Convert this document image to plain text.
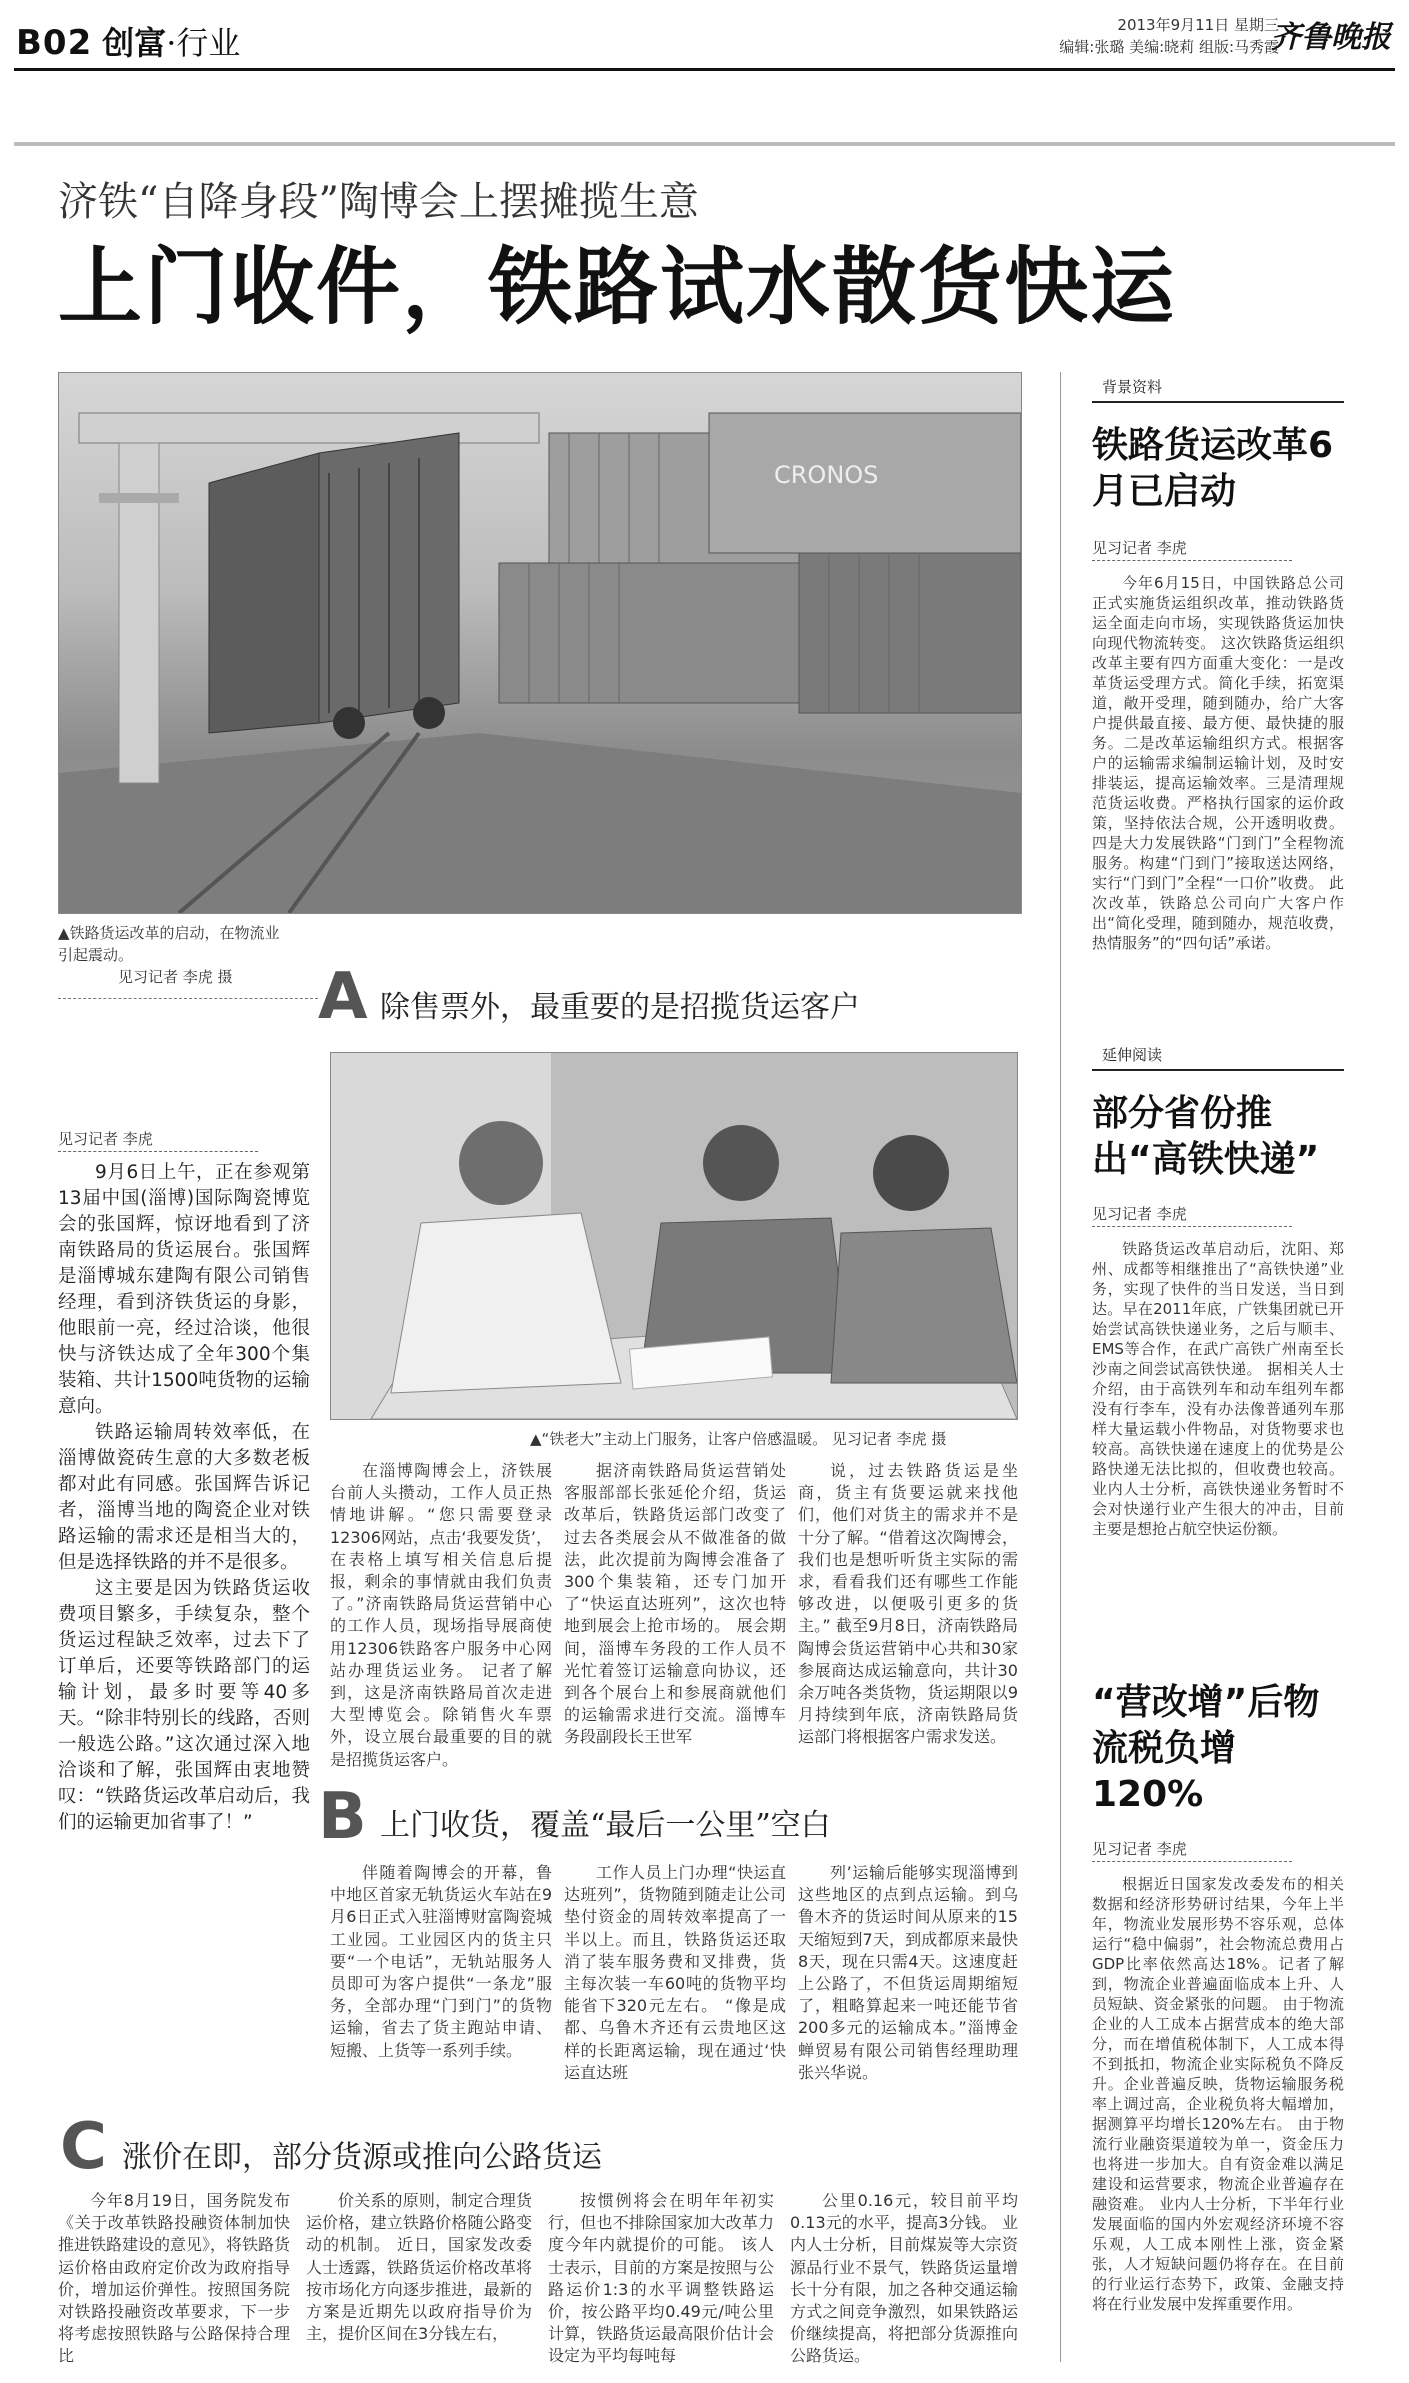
B02 创富·行业	2013年9月11日 星期三
编辑:张璐 美编:晓莉 组版:马秀霞
齐鲁晚报
济铁“自降身段”陶博会上摆摊揽生意
上门收件，铁路试水散货快运
CRONOS
▲铁路货运改革的启动，在物流业引起震动。
见习记者 李虎 摄	A 除售票外，最重要的是招揽货运客户
▲“铁老大”主动上门服务，让客户倍感温暖。 见习记者 李虎 摄
见习记者 李虎

9月6日上午，正在参观第13届中国(淄博)国际陶瓷博览会的张国辉，惊讶地看到了济南铁路局的货运展台。张国辉是淄博城东建陶有限公司销售经理，看到济铁货运的身影，他眼前一亮，经过洽谈，他很快与济铁达成了全年300个集装箱、共计1500吨货物的运输意向。

铁路运输周转效率低，在淄博做瓷砖生意的大多数老板都对此有同感。张国辉告诉记者，淄博当地的陶瓷企业对铁路运输的需求还是相当大的，但是选择铁路的并不是很多。

这主要是因为铁路货运收费项目繁多，手续复杂，整个货运过程缺乏效率，过去下了订单后，还要等铁路部门的运输计划，最多时要等40多天。“除非特别长的线路，否则一般选公路。”这次通过深入地洽谈和了解，张国辉由衷地赞叹：“铁路货运改革启动后，我们的运输更加省事了！”

在淄博陶博会上，济铁展台前人头攒动，工作人员正热情地讲解。“您只需要登录12306网站，点击‘我要发货’，在表格上填写相关信息后提报，剩余的事情就由我们负责了。”济南铁路局货运营销中心的工作人员，现场指导展商使用12306铁路客户服务中心网站办理货运业务。 记者了解到，这是济南铁路局首次走进大型博览会。除销售火车票外，设立展台最重要的目的就是招揽货运客户。

据济南铁路局货运营销处客服部部长张延伦介绍，货运改革后，铁路货运部门改变了过去各类展会从不做准备的做法，此次提前为陶博会准备了300个集装箱，还专门加开了“快运直达班列”，这次也特地到展会上抢市场的。 展会期间，淄博车务段的工作人员不光忙着签订运输意向协议，还到各个展台上和参展商就他们的运输需求进行交流。淄博车务段副段长王世军

说，过去铁路货运是坐商，货主有货要运就来找他们，他们对货主的需求并不是十分了解。“借着这次陶博会，我们也是想听听货主实际的需求，看看我们还有哪些工作能够改进，以便吸引更多的货主。” 截至9月8日，济南铁路局陶博会货运营销中心共和30家参展商达成运输意向，共计30余万吨各类货物，货运期限以9月持续到年底，济南铁路局货运部门将根据客户需求发送。

B 上门收货，覆盖“最后一公里”空白

伴随着陶博会的开幕，鲁中地区首家无轨货运火车站在9月6日正式入驻淄博财富陶瓷城工业园。工业园区内的货主只要“一个电话”，无轨站服务人员即可为客户提供“一条龙”服务，全部办理“门到门”的货物运输，省去了货主跑站申请、短搬、上货等一系列手续。

工作人员上门办理“快运直达班列”，货物随到随走让公司垫付资金的周转效率提高了一半以上。而且，铁路货运还取消了装车服务费和叉排费，货主每次装一车60吨的货物平均能省下320元左右。 “像是成都、乌鲁木齐还有云贵地区这样的长距离运输，现在通过‘快运直达班

列’运输后能够实现淄博到这些地区的点到点运输。到乌鲁木齐的货运时间从原来的15天缩短到7天，到成都原来最快8天，现在只需4天。这速度赶上公路了，不但货运周期缩短了，粗略算起来一吨还能节省200多元的运输成本。”淄博金蝉贸易有限公司销售经理助理张兴华说。

C 涨价在即，部分货源或推向公路货运

今年8月19日，国务院发布《关于改革铁路投融资体制加快推进铁路建设的意见》，将铁路货运价格由政府定价改为政府指导价，增加运价弹性。按照国务院对铁路投融资改革要求，下一步将考虑按照铁路与公路保持合理比

价关系的原则，制定合理货运价格，建立铁路价格随公路变动的机制。 近日，国家发改委人士透露，铁路货运价格改革将按市场化方向逐步推进，最新的方案是近期先以政府指导价为主，提价区间在3分钱左右，

按惯例将会在明年年初实行，但也不排除国家加大改革力度今年内就提价的可能。 该人士表示，目前的方案是按照与公路运价1:3的水平调整铁路运价，按公路平均0.49元/吨公里计算，铁路货运最高限价估计会设定为平均每吨每

公里0.16元，较目前平均0.13元的水平，提高3分钱。 业内人士分析，目前煤炭等大宗资源品行业不景气，铁路货运量增长十分有限，加之各种交通运输方式之间竞争激烈，如果铁路运价继续提高，将把部分货源推向公路货运。

背景资料
铁路货运改革6月已启动
见习记者 李虎

今年6月15日，中国铁路总公司正式实施货运组织改革，推动铁路货运全面走向市场，实现铁路货运加快向现代物流转变。 这次铁路货运组织改革主要有四方面重大变化：一是改革货运受理方式。简化手续，拓宽渠道，敞开受理，随到随办，给广大客户提供最直接、最方便、最快捷的服务。二是改革运输组织方式。根据客户的运输需求编制运输计划，及时安排装运，提高运输效率。三是清理规范货运收费。严格执行国家的运价政策，坚持依法合规，公开透明收费。四是大力发展铁路“门到门”全程物流服务。构建“门到门”接取送达网络，实行“门到门”全程“一口价”收费。 此次改革，铁路总公司向广大客户作出“简化受理，随到随办，规范收费，热情服务”的“四句话”承诺。

延伸阅读
部分省份推出“高铁快递”
见习记者 李虎

铁路货运改革启动后，沈阳、郑州、成都等相继推出了“高铁快递”业务，实现了快件的当日发送，当日到达。早在2011年底，广铁集团就已开始尝试高铁快递业务，之后与顺丰、EMS等合作，在武广高铁广州南至长沙南之间尝试高铁快递。 据相关人士介绍，由于高铁列车和动车组列车都没有行李车，没有办法像普通列车那样大量运载小件物品，对货物要求也较高。高铁快递在速度上的优势是公路快递无法比拟的，但收费也较高。 业内人士分析，高铁快递业务暂时不会对快递行业产生很大的冲击，目前主要是想抢占航空快运份额。

“营改增”后物流税负增120%
见习记者 李虎

根据近日国家发改委发布的相关数据和经济形势研讨结果，今年上半年，物流业发展形势不容乐观，总体运行“稳中偏弱”，社会物流总费用占GDP比率依然高达18%。记者了解到，物流企业普遍面临成本上升、人员短缺、资金紧张的问题。 由于物流企业的人工成本占据营成本的绝大部分，而在增值税体制下，人工成本得不到抵扣，物流企业实际税负不降反升。企业普遍反映，货物运输服务税率上调过高，企业税负将大幅增加，据测算平均增长120%左右。 由于物流行业融资渠道较为单一，资金压力也将进一步加大。自有资金难以满足建设和运营要求，物流企业普遍存在融资难。 业内人士分析，下半年行业发展面临的国内外宏观经济环境不容乐观，人工成本刚性上涨，资金紧张，人才短缺问题仍将存在。在目前的行业运行态势下，政策、金融支持将在行业发展中发挥重要作用。
